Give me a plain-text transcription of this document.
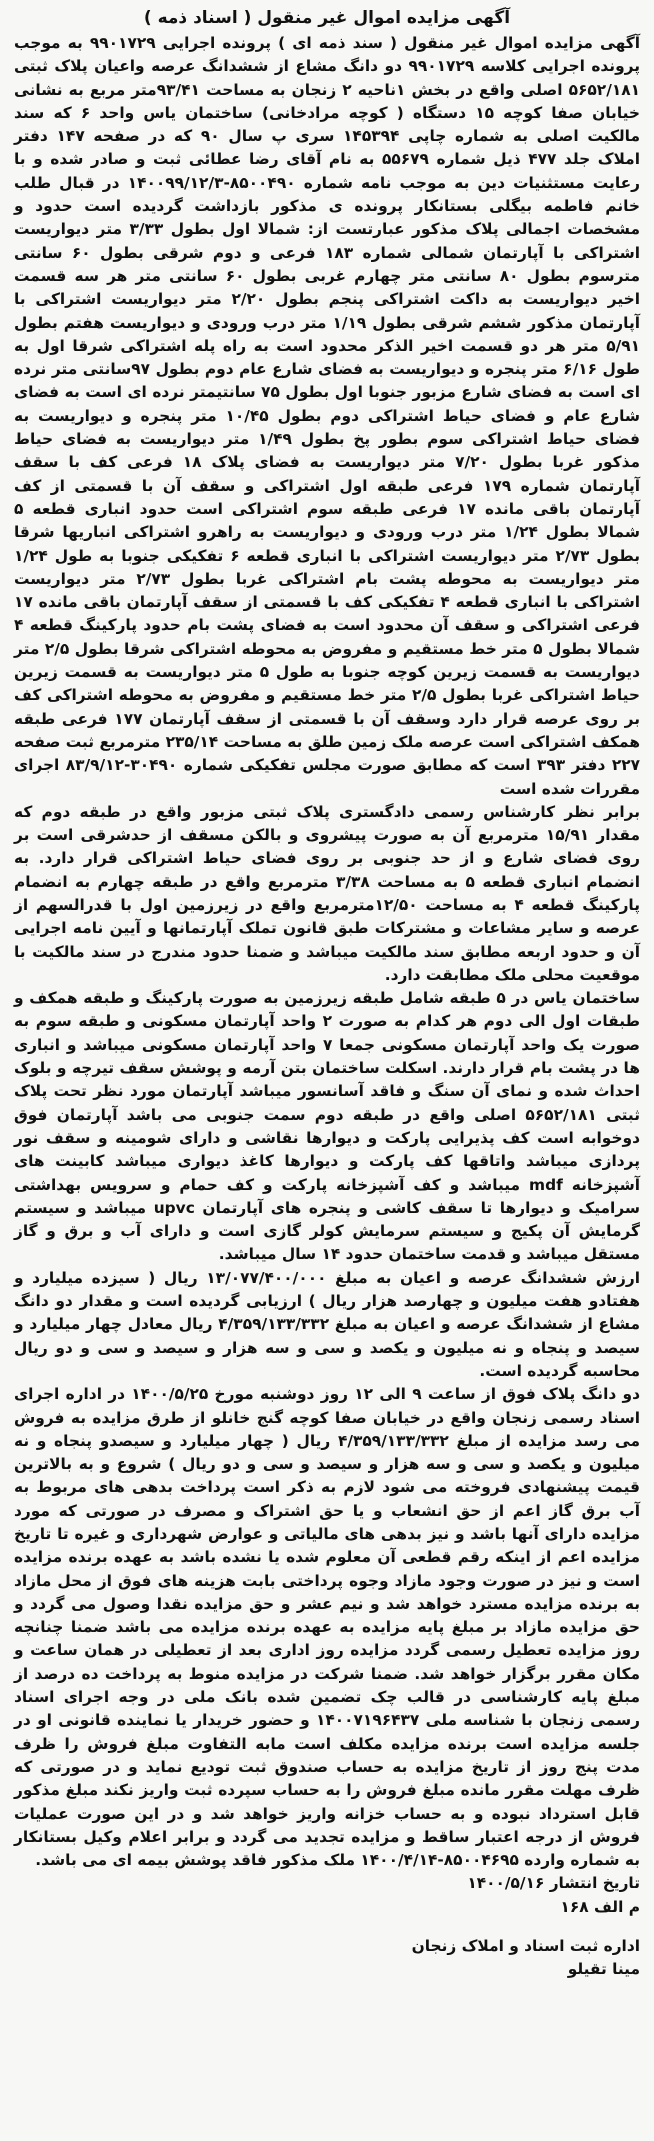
آگهی مزایده اموال غیر منقول ( اسناد ذمه )

آگهی مزایده اموال غیر منقول ( سند ذمه ای ) پرونده اجرایی ۹۹۰۱۷۲۹ به موجب پرونده اجرایی کلاسه ۹۹۰۱۷۲۹ دو دانگ مشاع از ششدانگ عرصه واعیان پلاک ثبتی ۵۶۵۲/۱۸۱ اصلی واقع در بخش ۱ناحیه ۲ زنجان به مساحت ۹۳/۴۱متر مربع به نشانی خیابان صفا کوچه ۱۵ دستگاه ( کوچه مرادخانی) ساختمان یاس واحد ۶ که سند مالکیت اصلی به شماره چاپی ۱۴۵۳۹۴ سری پ سال ۹۰ که در صفحه ۱۴۷ دفتر املاک جلد ۴۷۷ ذیل شماره ۵۵۶۷۹ به نام آقای رضا عطائی ثبت و صادر شده و با رعایت مستثنیات دین به موجب نامه شماره ۸۵۰۰۴۹۰-۱۴۰۰۹۹/۱۲/۳ در قبال طلب خانم فاطمه بیگلی بستانکار پرونده ی مذکور بازداشت گردیده است حدود و مشخصات اجمالی پلاک مذکور عبارتست از: شمالا اول بطول ۳/۳۳ متر دیواریست اشتراکی با آپارتمان شمالی شماره ۱۸۳ فرعی و دوم شرقی بطول ۶۰ سانتی مترسوم بطول ۸۰ سانتی متر چهارم غربی بطول ۶۰ سانتی متر هر سه قسمت اخیر دیواریست به داکت اشتراکی پنجم بطول ۲/۲۰ متر دیواریست اشتراکی با آپارتمان مذکور ششم شرقی بطول ۱/۱۹ متر درب ورودی و دیواریست هفتم بطول ۵/۹۱ متر هر دو قسمت اخیر الذکر محدود است به راه پله اشتراکی شرقا اول به طول ۶/۱۶ متر پنجره و دیواریست به فضای شارع عام دوم بطول ۹۷سانتی متر نرده ای است به فضای شارع مزبور جنوبا اول بطول ۷۵ سانتیمتر نرده ای است به فضای شارع عام و فضای حیاط اشتراکی دوم بطول ۱۰/۴۵ متر پنجره و دیواریست به فضای حیاط اشتراکی سوم بطور پخ بطول ۱/۴۹ متر دیواریست به فضای حیاط مذکور غربا بطول ۷/۲۰ متر دیواریست به فضای پلاک ۱۸ فرعی کف با سقف آپارتمان شماره ۱۷۹ فرعی طبقه اول اشتراکی و سقف آن با قسمتی از کف آپارتمان باقی مانده ۱۷ فرعی طبقه سوم اشتراکی است حدود انباری قطعه ۵ شمالا بطول ۱/۲۴ متر درب ورودی و دیواریست به راهرو اشتراکی انباریها شرقا بطول ۲/۷۳ متر دیواریست اشتراکی با انباری قطعه ۶ تفکیکی جنوبا به طول ۱/۲۴ متر دیواریست به محوطه پشت بام اشتراکی غربا بطول ۲/۷۳ متر دیواریست اشتراکی با انباری قطعه ۴ تفکیکی کف با قسمتی از سقف آپارتمان باقی مانده ۱۷ فرعی اشتراکی و سقف آن محدود است به فضای پشت بام حدود پارکینگ قطعه ۴ شمالا بطول ۵ متر خط مستقیم و مفروض به محوطه اشتراکی شرقا بطول ۲/۵ متر دیواریست به قسمت زیرین کوچه جنوبا به طول ۵ متر دیواریست به قسمت زیرین حیاط اشتراکی غربا بطول ۲/۵ متر خط مستقیم و مفروض به محوطه اشتراکی کف بر روی عرصه قرار دارد وسقف آن با قسمتی از سقف آپارتمان ۱۷۷ فرعی طبقه همکف اشتراکی است عرصه ملک زمین طلق به مساحت ۲۳۵/۱۴ مترمربع ثبت صفحه ۲۲۷ دفتر ۳۹۳ است که مطابق صورت مجلس تفکیکی شماره ۳۰۴۹۰-۸۳/۹/۱۲ اجرای مقررات شده است

برابر نظر کارشناس رسمی دادگستری پلاک ثبتی مزبور واقع در طبقه دوم که مقدار ۱۵/۹۱ مترمربع آن به صورت پیشروی و بالکن مسقف از حدشرقی است بر روی فضای شارع و از حد جنوبی بر روی فضای حیاط اشتراکی قرار دارد. به انضمام انباری قطعه ۵ به مساحت ۳/۳۸ مترمربع واقع در طبقه چهارم به انضمام پارکینگ قطعه ۴ به مساحت ۱۲/۵۰مترمربع واقع در زیرزمین اول با قدرالسهم از عرصه و سایر مشاعات و مشترکات طبق قانون تملک آپارتمانها و آیین نامه اجرایی آن و حدود اربعه مطابق سند مالکیت میباشد و ضمنا حدود مندرج در سند مالکیت با موقعیت محلی ملک مطابقت دارد.

ساختمان یاس در ۵ طبقه شامل طبقه زیرزمین به صورت پارکینگ و طبقه همکف و طبقات اول الی دوم هر کدام به صورت ۲ واحد آپارتمان مسکونی و طبقه سوم به صورت یک واحد آپارتمان مسکونی جمعا ۷ واحد آپارتمان مسکونی میباشد و انباری ها در پشت بام قرار دارند. اسکلت ساختمان بتن آرمه و پوشش سقف تیرچه و بلوک احداث شده و نمای آن سنگ و فاقد آسانسور میباشد آپارتمان مورد نظر تحت پلاک ثبتی ۵۶۵۲/۱۸۱ اصلی واقع در طبقه دوم سمت جنوبی می باشد آپارتمان فوق دوخوابه است کف پذیرایی پارکت و دیوارها نقاشی و دارای شومینه و سقف نور پردازی میباشد واتاقها کف پارکت و دیوارها کاغذ دیواری میباشد کابینت های آشپزخانه mdf میباشد و کف آشپزخانه پارکت و کف حمام و سرویس بهداشتی سرامیک و دیوارها تا سقف کاشی و پنجره های آپارتمان upvc میباشد و سیستم گرمایش آن پکیج و سیستم سرمایش کولر گازی است و دارای آب و برق و گاز مستقل میباشد و قدمت ساختمان حدود ۱۴ سال میباشد.

ارزش ششدانگ عرصه و اعیان به مبلغ ۱۳/۰۷۷/۴۰۰/۰۰۰ ریال ( سیزده میلیارد و هفتادو هفت میلیون و چهارصد هزار ریال ) ارزیابی گردیده است و مقدار دو دانگ مشاع از ششدانگ عرصه و اعیان به مبلغ ۴/۳۵۹/۱۳۳/۳۳۲ ریال معادل چهار میلیارد و سیصد و پنجاه و نه میلیون و یکصد و سی و سه هزار و سیصد و سی و دو ریال محاسبه گردیده است.

دو دانگ پلاک فوق از ساعت ۹ الی ۱۲ روز دوشنبه مورخ ۱۴۰۰/۵/۲۵ در اداره اجرای اسناد رسمی زنجان واقع در خیابان صفا کوچه گنج خانلو از طرق مزایده به فروش می رسد مزایده از مبلغ ۴/۳۵۹/۱۳۳/۳۳۲ ریال ( چهار میلیارد و سیصدو پنجاه و نه میلیون و یکصد و سی و سه هزار و سیصد و سی و دو ریال ) شروع و به بالاترین قیمت پیشنهادی فروخته می شود لازم به ذکر است پرداخت بدهی های مربوط به آب برق گاز اعم از حق انشعاب و یا حق اشتراک و مصرف در صورتی که مورد مزایده دارای آنها باشد و نیز بدهی های مالیاتی و عوارض شهرداری و غیره تا تاریخ مزایده اعم از اینکه رقم قطعی آن معلوم شده یا نشده باشد به عهده برنده مزایده است و نیز در صورت وجود مازاد وجوه پرداختی بابت هزینه های فوق از محل مازاد به برنده مزایده مسترد خواهد شد و نیم عشر و حق مزایده نقدا وصول می گردد و حق مزایده مازاد بر مبلغ پایه مزایده به عهده برنده مزایده می باشد ضمنا چنانچه روز مزایده تعطیل رسمی گردد مزایده روز اداری بعد از تعطیلی در همان ساعت و مکان مقرر برگزار خواهد شد. ضمنا شرکت در مزایده منوط به پرداخت ده درصد از مبلغ پایه کارشناسی در قالب چک تضمین شده بانک ملی در وجه اجرای اسناد رسمی زنجان با شناسه ملی ۱۴۰۰۷۱۹۶۴۳۷ و حضور خریدار یا نماینده قانونی او در جلسه مزایده است برنده مزایده مکلف است مابه التفاوت مبلغ فروش را ظرف مدت پنج روز از تاریخ مزایده به حساب صندوق ثبت تودیع نماید و در صورتی که ظرف مهلت مقرر مانده مبلغ فروش را به حساب سپرده ثبت واریز نکند مبلغ مذکور قابل استرداد نبوده و به حساب خزانه واریز خواهد شد و در این صورت عملیات فروش از درجه اعتبار ساقط و مزایده تجدید می گردد و برابر اعلام وکیل بستانکار به شماره وارده ۸۵۰۰۴۶۹۵-۱۴۰۰/۴/۱۴ ملک مذکور فاقد پوشش بیمه ای می باشد.

تاریخ انتشار ۱۴۰۰/۵/۱۶
م الف ۱۶۸
اداره ثبت اسناد و املاک زنجان
مینا تقیلو
